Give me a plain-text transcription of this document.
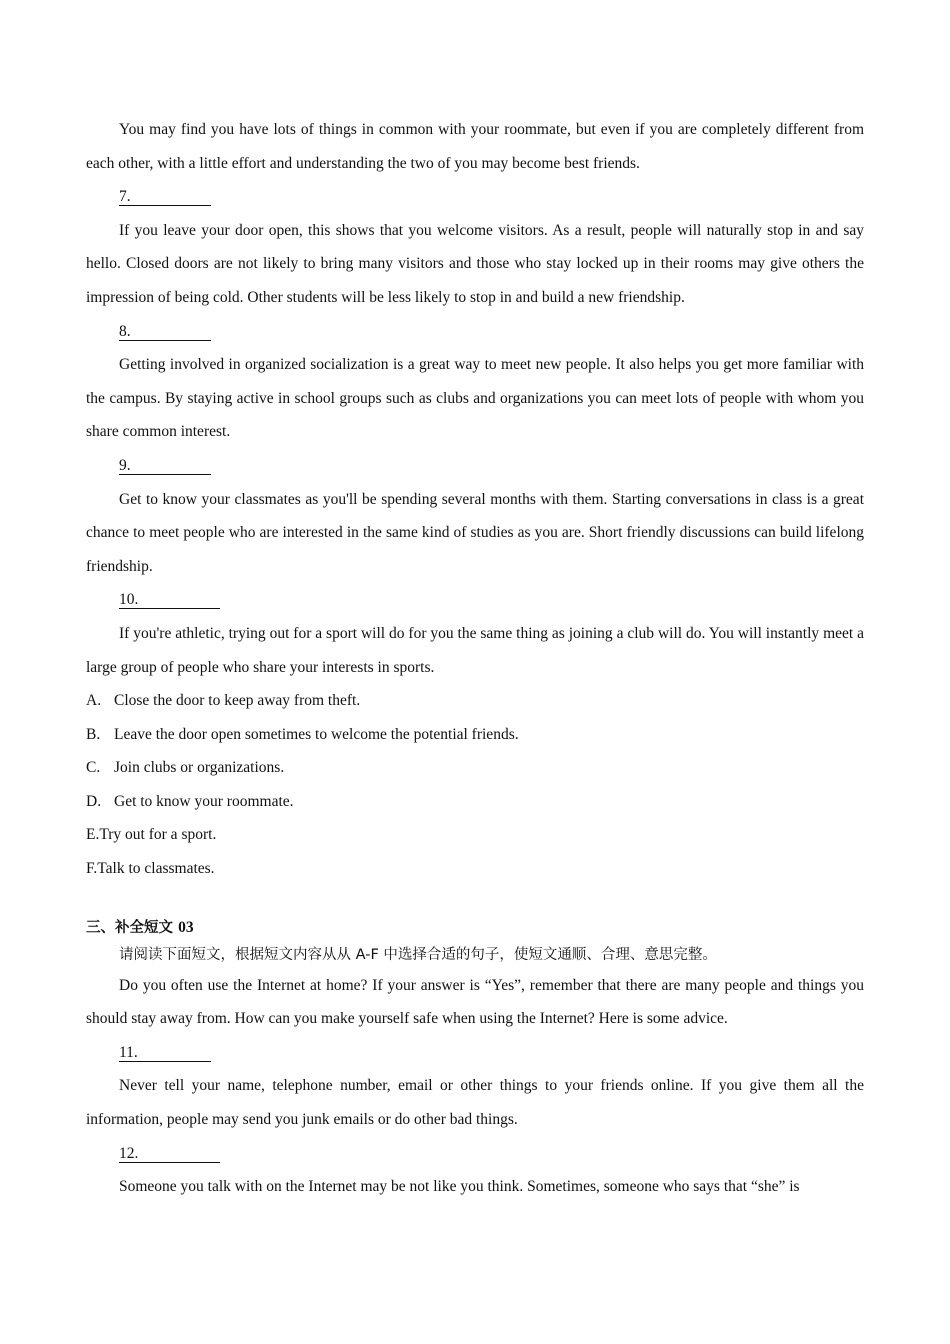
You may find you have lots of things in common with your roommate, but even if you are completely different from each other, with a little effort and understanding the two of you may become best friends.

7.

If you leave your door open, this shows that you welcome visitors. As a result, people will naturally stop in and say hello. Closed doors are not likely to bring many visitors and those who stay locked up in their rooms may give others the impression of being cold. Other students will be less likely to stop in and build a new friendship.

8.

Getting involved in organized socialization is a great way to meet new people. It also helps you get more familiar with the campus. By staying active in school groups such as clubs and organizations you can meet lots of people with whom you share common interest.

9.

Get to know your classmates as you'll be spending several months with them. Starting conversations in class is a great chance to meet people who are interested in the same kind of studies as you are. Short friendly discussions can build lifelong friendship.

10.

If you're athletic, trying out for a sport will do for you the same thing as joining a club will do. You will instantly meet a large group of people who share your interests in sports.

A. Close the door to keep away from theft.

B. Leave the door open sometimes to welcome the potential friends.

C. Join clubs or organizations.

D. Get to know your roommate.

E.Try out for a sport.

F.Talk to classmates.

三、补全短文 03

请阅读下面短文，根据短文内容从从 A-F 中选择合适的句子，使短文通顺、合理、意思完整。

Do you often use the Internet at home? If your answer is “Yes”, remember that there are many people and things you should stay away from. How can you make yourself safe when using the Internet? Here is some advice.

11.

Never tell your name, telephone number, email or other things to your friends online. If you give them all the information, people may send you junk emails or do other bad things.

12.

Someone you talk with on the Internet may be not like you think. Sometimes, someone who says that “she” is
